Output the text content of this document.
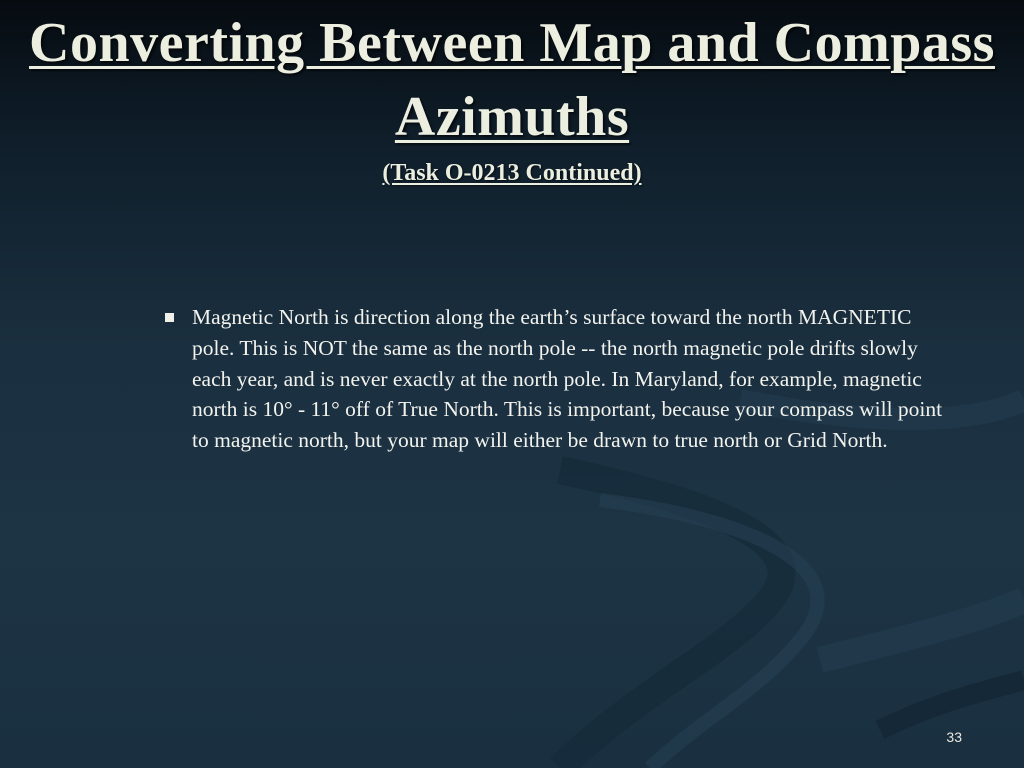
Converting Between Map and Compass Azimuths
(Task O-0213 Continued)
Magnetic North is direction along the earth’s surface toward the north MAGNETIC pole. This is NOT the same as the north pole -- the north magnetic pole drifts slowly each year, and is never exactly at the north pole. In Maryland, for example, magnetic north is 10° - 11° off of True North. This is important, because your compass will point to magnetic north, but your map will either be drawn to true north or Grid North.
33
